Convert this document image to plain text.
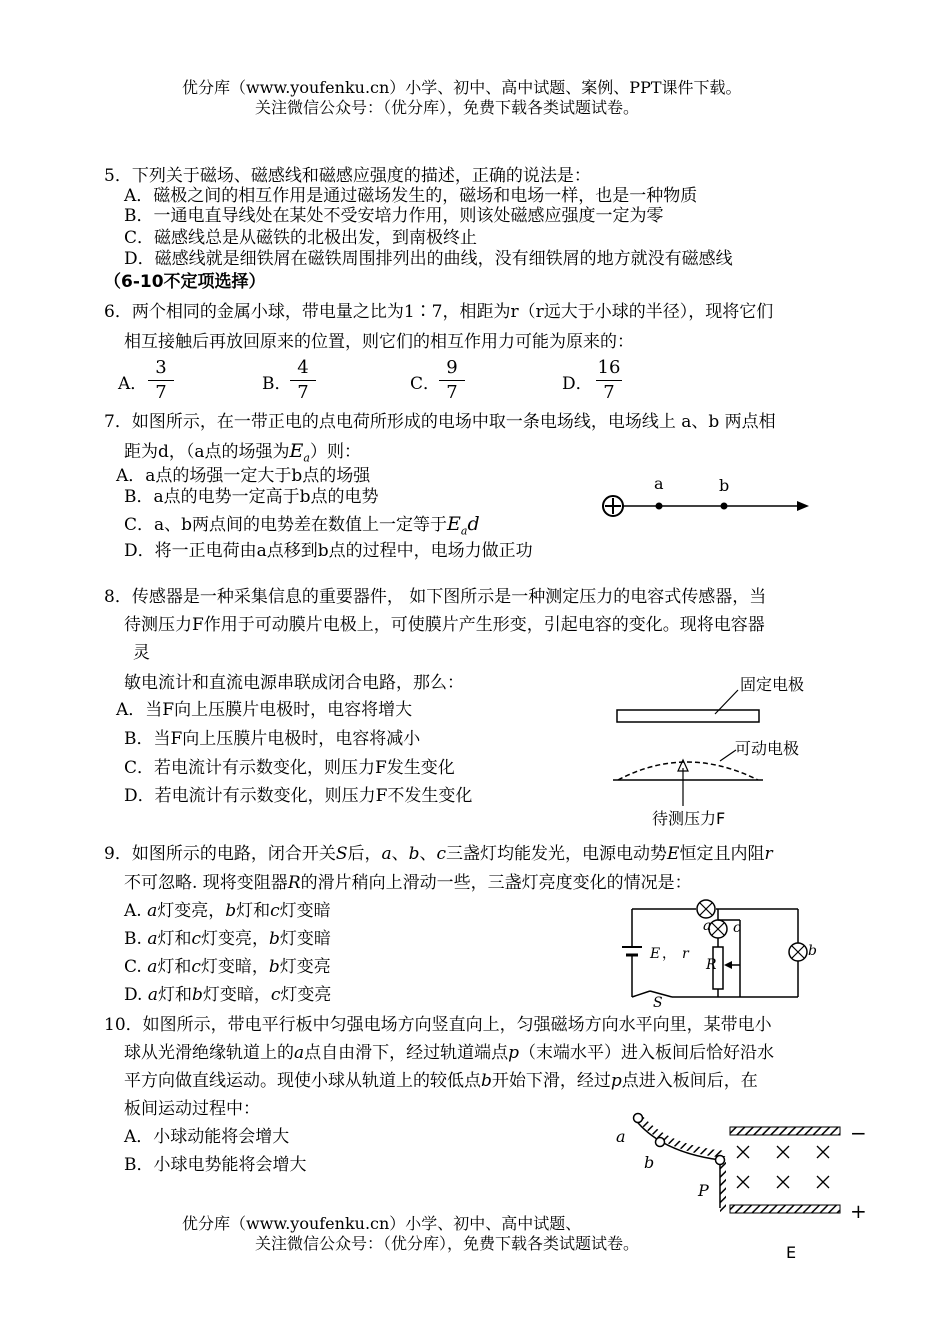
优分库（www.youfenku.cn）小学、初中、高中试题、案例、PPT课件下载。
关注微信公众号：（优分库），免费下载各类试题试卷。
5．下列关于磁场、磁感线和磁感应强度的描述，正确的说法是：
A．磁极之间的相互作用是通过磁场发生的，磁场和电场一样，也是一种物质
B．一通电直导线处在某处不受安培力作用，则该处磁感应强度一定为零
C．磁感线总是从磁铁的北极出发，到南极终止
D．磁感线就是细铁屑在磁铁周围排列出的曲线，没有细铁屑的地方就没有磁感线
（6-10不定项选择）
6．两个相同的金属小球，带电量之比为1∶7，相距为r（r远大于小球的半径），现将它们
相互接触后再放回原来的位置，则它们的相互作用力可能为原来的：
A．
3
7	B．
4
7	C．
9
7	D．
16
7
7．如图所示，在一带正电的点电荷所形成的电场中取一条电场线，电场线上 a、b 两点相
距为d，（a点的场强为$E_a$）则：
A．a点的场强一定大于b点的场强
B．a点的电势一定高于b点的电势
C．a、b两点间的电势差在数值上一定等于$E_ad$
D．将一正电荷由a点移到b点的过程中，电场力做正功
a	b
8．传感器是一种采集信息的重要器件， 如下图所示是一种测定压力的电容式传感器，当
待测压力F作用于可动膜片电极上，可使膜片产生形变，引起电容的变化。现将电容器
灵
敏电流计和直流电源串联成闭合电路，那么：
A．当F向上压膜片电极时，电容将增大
B．当F向上压膜片电极时，电容将减小
C．若电流计有示数变化，则压力F发生变化
D．若电流计有示数变化，则压力F不发生变化
固定电极
可动电极
待测压力F
9．如图所示的电路，闭合开关S后，a、b、c三盏灯均能发光，电源电动势E恒定且内阻r
不可忽略. 现将变阻器R的滑片稍向上滑动一些，三盏灯亮度变化的情况是：
A. a灯变亮，b灯和c灯变暗
B. a灯和c灯变亮，b灯变暗
C. a灯和c灯变暗，b灯变亮
D. a灯和b灯变暗，c灯变亮
a c
b
E ， r
R
S
10．如图所示，带电平行板中匀强电场方向竖直向上，匀强磁场方向水平向里，某带电小
球从光滑绝缘轨道上的a点自由滑下，经过轨道端点p（末端水平）进入板间后恰好沿水
平方向做直线运动。现使小球从轨道上的较低点b开始下滑，经过p点进入板间后，在
板间运动过程中：
A．小球动能将会增大
B．小球电势能将会增大
a
b
P
−
+
E
优分库（www.youfenku.cn）小学、初中、高中试题、
关注微信公众号：（优分库），免费下载各类试题试卷。
